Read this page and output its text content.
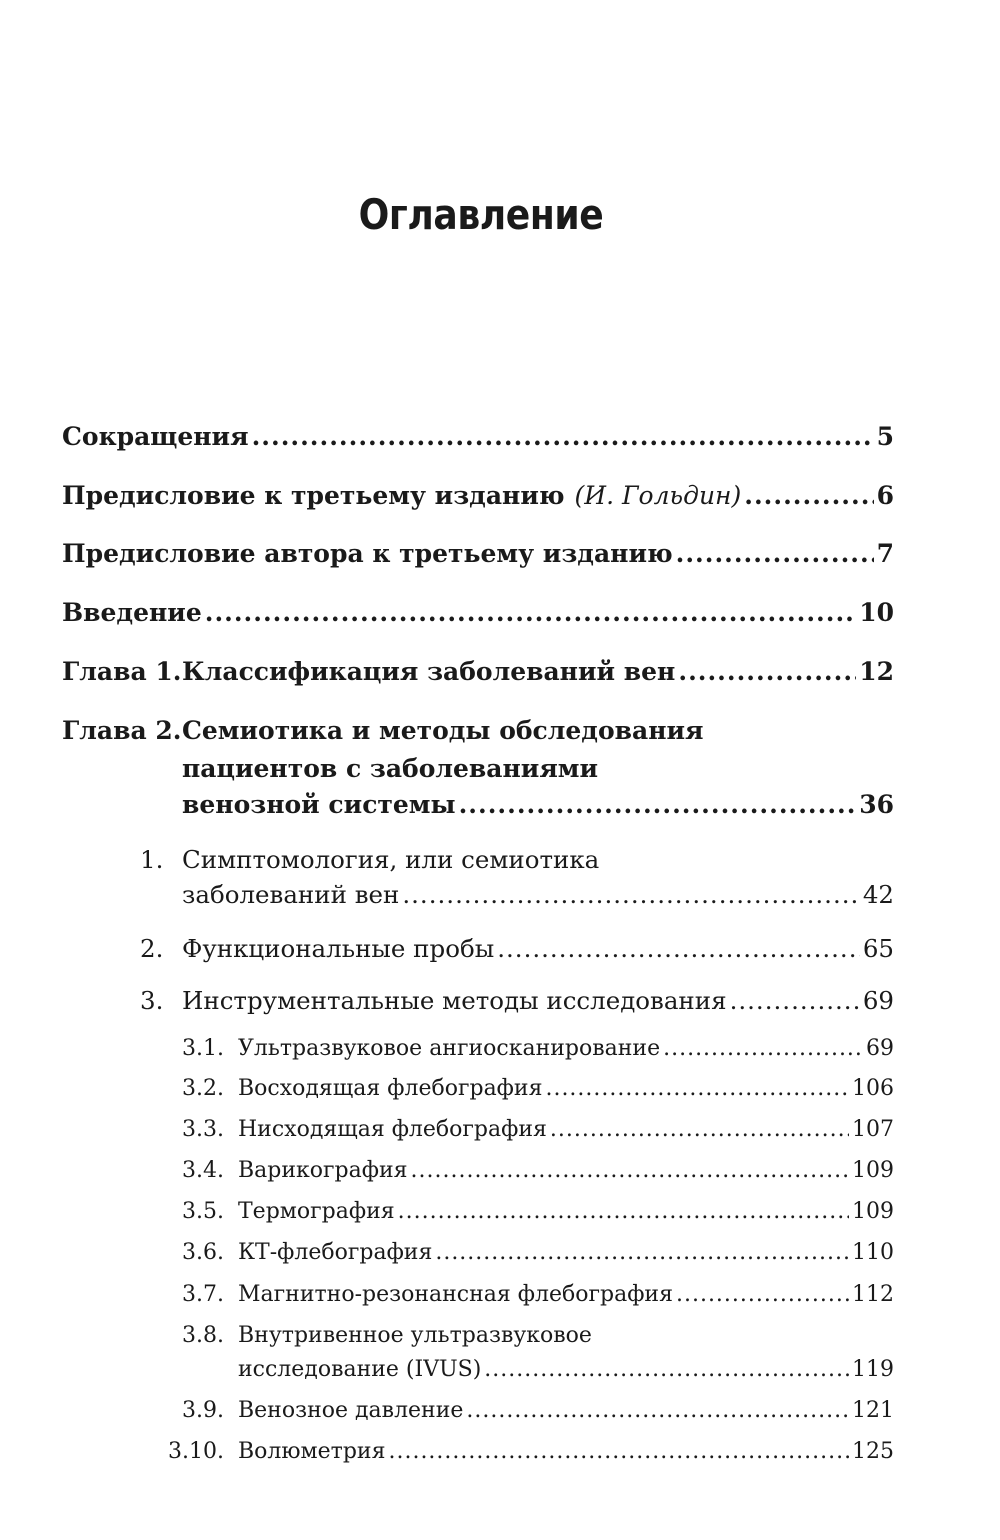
Оглавление
Сокращения .....	5
Предисловие к третьему изданию (И. Гольдин) .....	6
Предисловие автора к третьему изданию .....	7
Введение .....	10
Глава 1. Классификация заболеваний вен .....	12
Глава 2. Семиотика и методы обследования
пациентов с заболеваниями
венозной системы .....	36
1. Симптомология, или семиотика
заболеваний вен .....	42
2. Функциональные пробы .....	65
3. Инструментальные методы исследования .....	69
3.1. Ультразвуковое ангиосканирование .....	69
3.2. Восходящая флебография .....	106
3.3. Нисходящая флебография .....	107
3.4. Варикография .....	109
3.5. Термография .....	109
3.6. КТ-флебография .....	110
3.7. Магнитно-резонансная флебография .....	112
3.8. Внутривенное ультразвуковое
исследование (IVUS) .....	119
3.9. Венозное давление .....	121
3.10. Волюметрия .....	125
